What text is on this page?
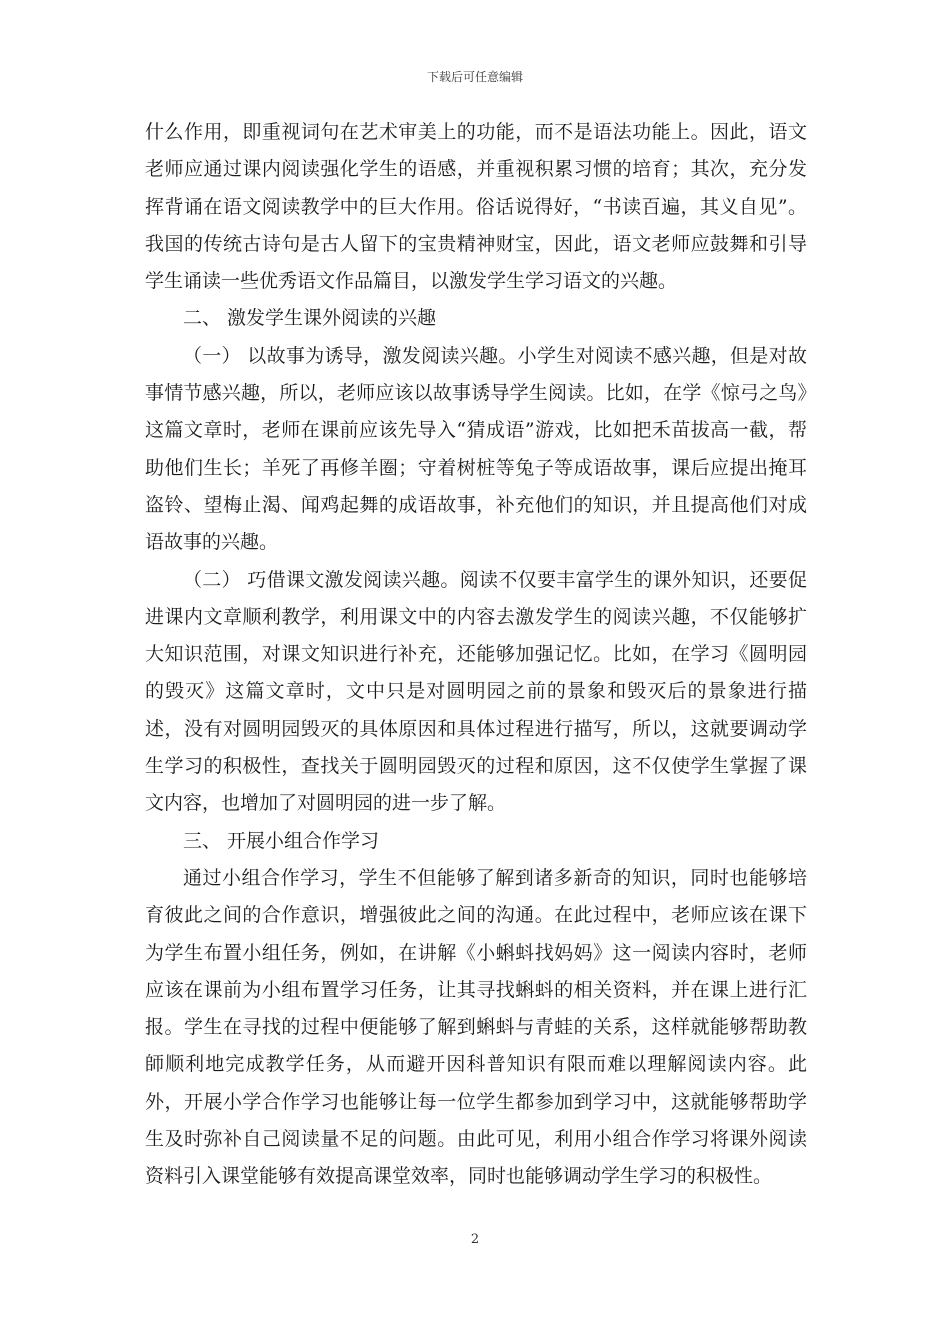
下载后可任意编辑

什么作用，即重视词句在艺术审美上的功能，而不是语法功能上。因此，语文老师应通过课内阅读强化学生的语感，并重视积累习惯的培育；其次，充分发挥背诵在语文阅读教学中的巨大作用。俗话说得好，“书读百遍，其义自见”。我国的传统古诗句是古人留下的宝贵精神财宝，因此，语文老师应鼓舞和引导学生诵读一些优秀语文作品篇目，以激发学生学习语文的兴趣。

二、 激发学生课外阅读的兴趣

（一） 以故事为诱导，激发阅读兴趣。小学生对阅读不感兴趣，但是对故事情节感兴趣，所以，老师应该以故事诱导学生阅读。比如，在学《惊弓之鸟》这篇文章时，老师在课前应该先导入“猜成语”游戏，比如把禾苗拔高一截，帮助他们生长；羊死了再修羊圈；守着树桩等兔子等成语故事，课后应提出掩耳盗铃、望梅止渴、闻鸡起舞的成语故事，补充他们的知识，并且提高他们对成语故事的兴趣。

（二） 巧借课文激发阅读兴趣。阅读不仅要丰富学生的课外知识，还要促进课内文章顺利教学，利用课文中的内容去激发学生的阅读兴趣，不仅能够扩大知识范围，对课文知识进行补充，还能够加强记忆。比如，在学习《圆明园的毁灭》这篇文章时，文中只是对圆明园之前的景象和毁灭后的景象进行描述，没有对圆明园毁灭的具体原因和具体过程进行描写，所以，这就要调动学生学习的积极性，查找关于圆明园毁灭的过程和原因，这不仅使学生掌握了课文内容，也增加了对圆明园的进一步了解。

三、 开展小组合作学习

通过小组合作学习，学生不但能够了解到诸多新奇的知识，同时也能够培育彼此之间的合作意识，增强彼此之间的沟通。在此过程中，老师应该在课下为学生布置小组任务，例如，在讲解《小蝌蚪找妈妈》这一阅读内容时，老师应该在课前为小组布置学习任务，让其寻找蝌蚪的相关资料，并在课上进行汇报。学生在寻找的过程中便能够了解到蝌蚪与青蛙的关系，这样就能够帮助教師顺利地完成教学任务，从而避开因科普知识有限而难以理解阅读内容。此外，开展小学合作学习也能够让每一位学生都参加到学习中，这就能够帮助学生及时弥补自己阅读量不足的问题。由此可见，利用小组合作学习将课外阅读资料引入课堂能够有效提高课堂效率，同时也能够调动学生学习的积极性。

2
